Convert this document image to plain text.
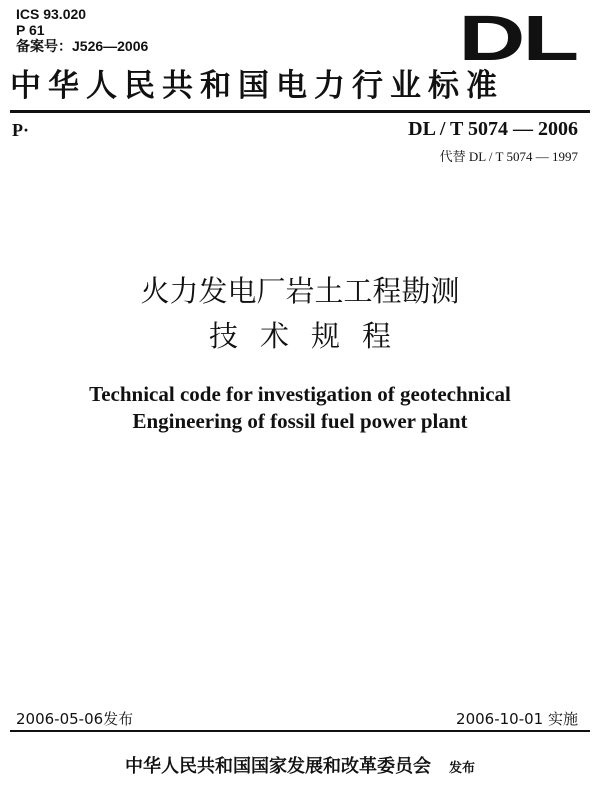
ICS 93.020
P 61
备案号：J526—2006	DL
中华人民共和国电力行业标准
P·	DL / T 5074 — 2006
代替 DL / T 5074 — 1997
火力发电厂岩土工程勘测
技术规程
Technical code for investigation of geotechnical
Engineering of fossil fuel power plant
2006-05-06发布	2006-10-01 实施
中华人民共和国国家发展和改革委员会 发布
